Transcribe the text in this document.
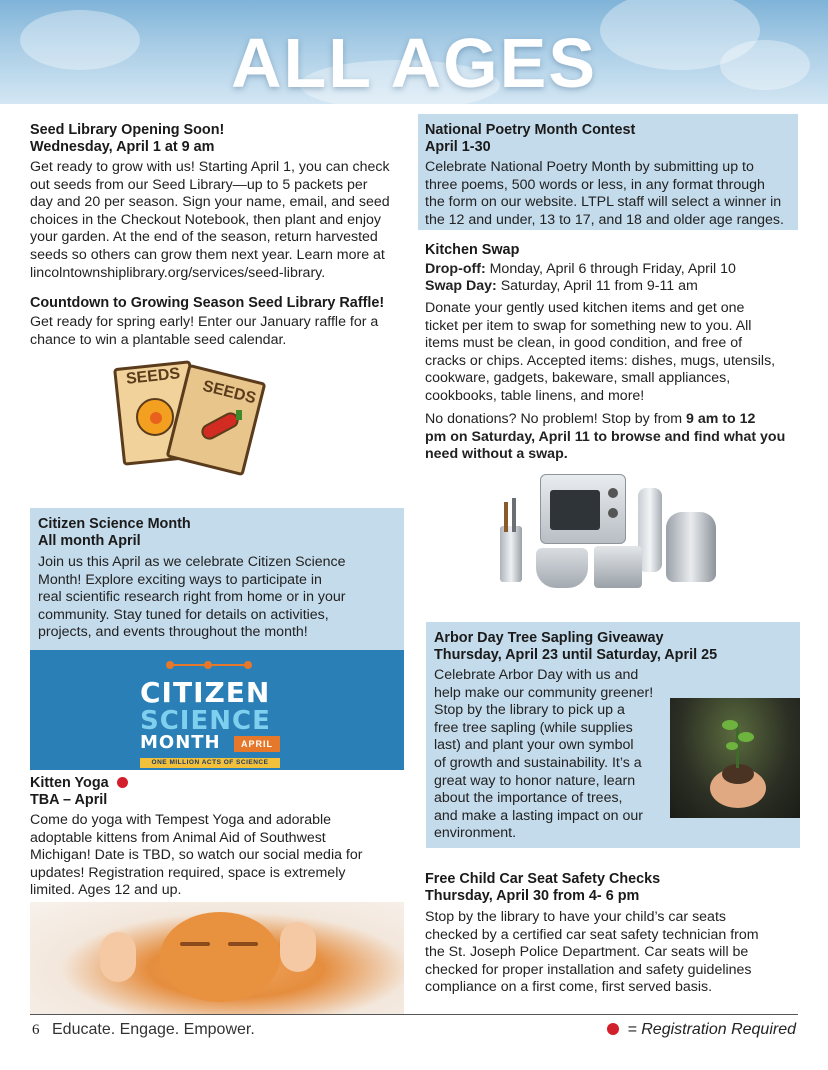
ALL AGES
Seed Library Opening Soon!
Wednesday, April 1 at 9 am
Get ready to grow with us! Starting April 1, you can check
out seeds from our Seed Library—up to 5 packets per
day and 20 per season. Sign your name, email, and seed
choices in the Checkout Notebook, then plant and enjoy
your garden. At the end of the season, return harvested
seeds so others can grow them next year. Learn more at
lincolntownshiplibrary.org/services/seed-library.
Countdown to Growing Season Seed Library Raffle!
Get ready for spring early! Enter our January raffle for a
chance to win a plantable seed calendar.
SEEDS
SEEDS
Citizen Science Month
All month April
Join us this April as we celebrate Citizen Science
Month! Explore exciting ways to participate in
real scientific research right from home or in your
community. Stay tuned for details on activities,
projects, and events throughout the month!
CITIZEN
SCIENCE
MONTH	APRIL
ONE MILLION ACTS OF SCIENCE
Kitten Yoga
TBA – April
Come do yoga with Tempest Yoga and adorable
adoptable kittens from Animal Aid of Southwest
Michigan! Date is TBD, so watch our social media for
updates! Registration required, space is extremely
limited. Ages 12 and up.
National Poetry Month Contest
April 1-30
Celebrate National Poetry Month by submitting up to
three poems, 500 words or less, in any format through
the form on our website. LTPL staff will select a winner in
the 12 and under, 13 to 17, and 18 and older age ranges.
Kitchen Swap
Drop-off: Monday, April 6 through Friday, April 10
Swap Day: Saturday, April 11 from 9-11 am
Donate your gently used kitchen items and get one
ticket per item to swap for something new to you. All
items must be clean, in good condition, and free of
cracks or chips. Accepted items: dishes, mugs, utensils,
cookware, gadgets, bakeware, small appliances,
cookbooks, table linens, and more!
No donations? No problem! Stop by from 9 am to 12
pm on Saturday, April 11 to browse and find what you
need without a swap.
Arbor Day Tree Sapling Giveaway
Thursday, April 23 until Saturday, April 25
Celebrate Arbor Day with us and
help make our community greener!
Stop by the library to pick up a
free tree sapling (while supplies
last) and plant your own symbol
of growth and sustainability. It’s a
great way to honor nature, learn
about the importance of trees,
and make a lasting impact on our
environment.
Free Child Car Seat Safety Checks
Thursday, April 30 from 4- 6 pm
Stop by the library to have your child’s car seats
checked by a certified car seat safety technician from
the St. Joseph Police Department. Car seats will be
checked for proper installation and safety guidelines
compliance on a first come, first served basis.
6 Educate. Engage. Empower.	= Registration Required
